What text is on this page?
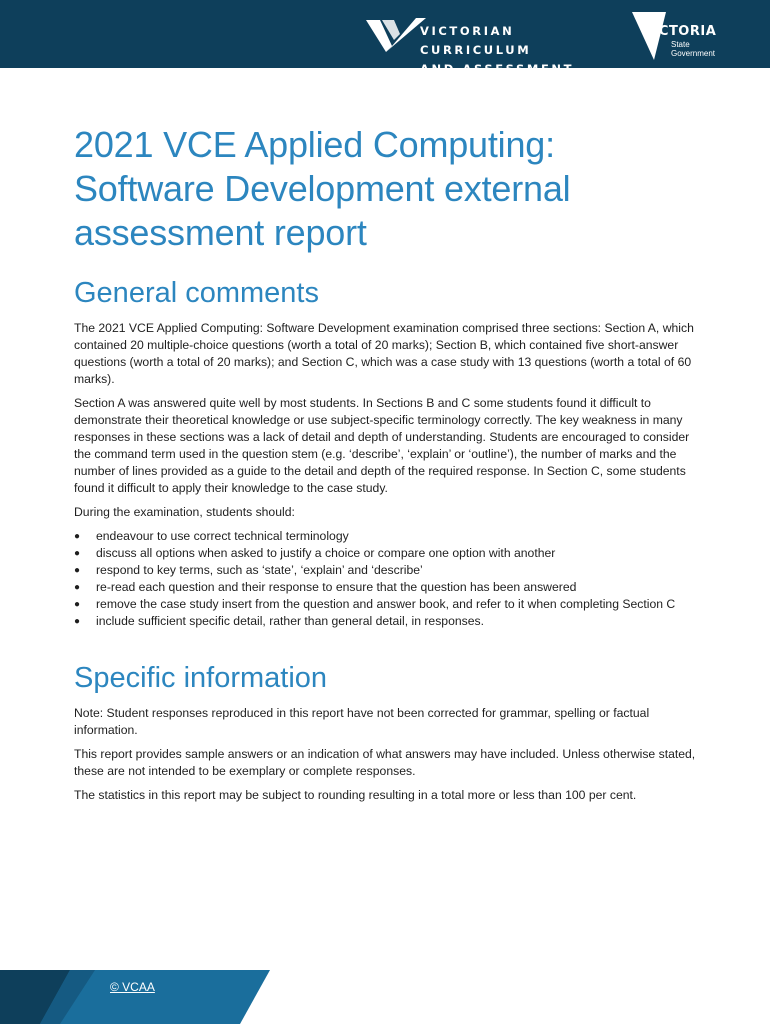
VICTORIAN CURRICULUM
AND ASSESSMENT AUTHORITY
VICTORIA
State
Government
2021 VCE Applied Computing:
Software Development external
assessment report
General comments

The 2021 VCE Applied Computing: Software Development examination comprised three sections: Section A, which contained 20 multiple-choice questions (worth a total of 20 marks); Section B, which contained five short-answer questions (worth a total of 20 marks); and Section C, which was a case study with 13 questions (worth a total of 60 marks).

Section A was answered quite well by most students. In Sections B and C some students found it difficult to demonstrate their theoretical knowledge or use subject-specific terminology correctly. The key weakness in many responses in these sections was a lack of detail and depth of understanding. Students are encouraged to consider the command term used in the question stem (e.g. ‘describe’, ‘explain’ or ‘outline’), the number of marks and the number of lines provided as a guide to the detail and depth of the required response. In Section C, some students found it difficult to apply their knowledge to the case study.

During the examination, students should:

● endeavour to use correct technical terminology
● discuss all options when asked to justify a choice or compare one option with another
● respond to key terms, such as ‘state’, ‘explain’ and ‘describe’
● re-read each question and their response to ensure that the question has been answered
● remove the case study insert from the question and answer book, and refer to it when completing Section C
● include sufficient specific detail, rather than general detail, in responses.
Specific information

Note: Student responses reproduced in this report have not been corrected for grammar, spelling or factual information.

This report provides sample answers or an indication of what answers may have included. Unless otherwise stated, these are not intended to be exemplary or complete responses.

The statistics in this report may be subject to rounding resulting in a total more or less than 100 per cent.

© VCAA
